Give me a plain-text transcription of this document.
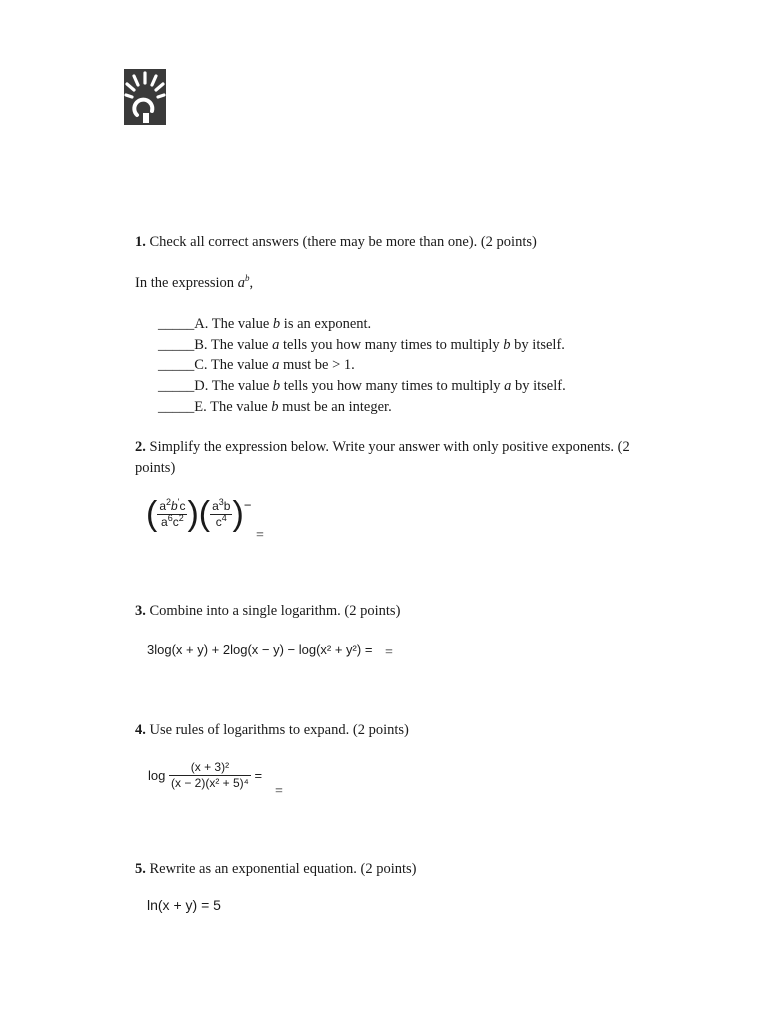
1. Check all correct answers (there may be more than one). (2 points)
In the expression $a^b$,
_____A. The value b is an exponent.
_____B. The value a tells you how many times to multiply b by itself.
_____C. The value a must be > 1.
_____D. The value b tells you how many times to multiply a by itself.
_____E. The value b must be an integer.
2. Simplify the expression below. Write your answer with only positive exponents. (2
points)
( $\frac{a^2b'c}{a^6c^2}$ )( $\frac{a^3b}{c^4}$ )−
=
3. Combine into a single logarithm. (2 points)
3log(x + y) + 2log(x − y) − log(x² + y²) = =
4. Use rules of logarithms to expand. (2 points)
$\log \frac{\text{(x + 3)²}}{\text{(x − 2)(x² + 5)⁴}}$ =
=
5. Rewrite as an exponential equation. (2 points)
ln(x + y) = 5
